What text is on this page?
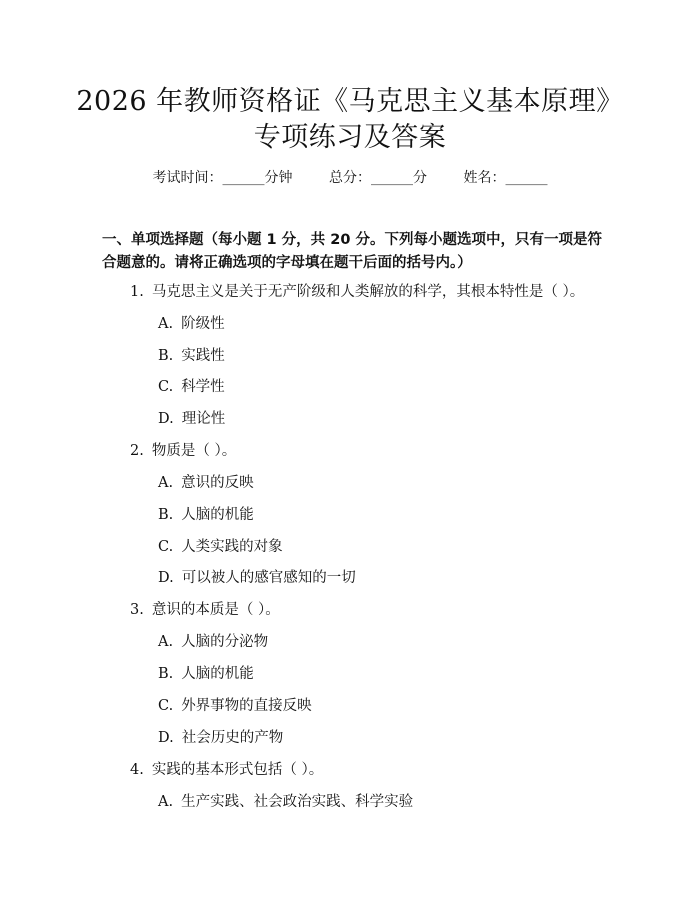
2026 年教师资格证《马克思主义基本原理》
专项练习及答案
考试时间：______分钟	总分：______分	姓名：______
一、单项选择题（每小题 1 分，共 20 分。下列每小题选项中，只有一项是符合题意的。请将正确选项的字母填在题干后面的括号内。）
1. 马克思主义是关于无产阶级和人类解放的科学，其根本特性是（ ）。
A. 阶级性
B. 实践性
C. 科学性
D. 理论性
2. 物质是（ ）。
A. 意识的反映
B. 人脑的机能
C. 人类实践的对象
D. 可以被人的感官感知的一切
3. 意识的本质是（ ）。
A. 人脑的分泌物
B. 人脑的机能
C. 外界事物的直接反映
D. 社会历史的产物
4. 实践的基本形式包括（ ）。
A. 生产实践、社会政治实践、科学实验
